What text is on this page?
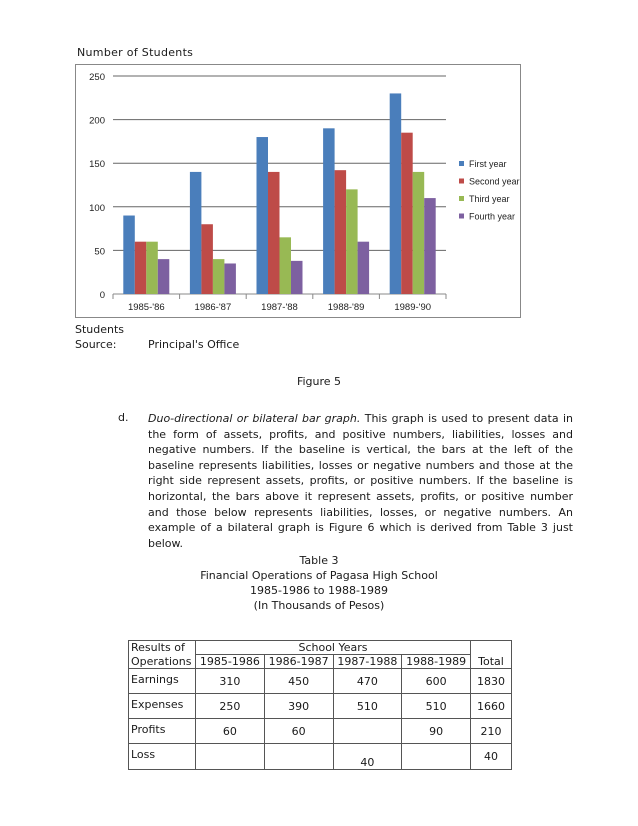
Number of Students
0
50
100
150
200
250
1985-'86	1986-'87	1987-'88	1988-'89	1989-'90
First year
Second year
Third year
Fourth year
Students
Source:	Principal's Office
Figure 5
d. Duo-directional or bilateral bar graph. This graph is used to present data in the form of assets, profits, and positive numbers, liabilities, losses and negative numbers. If the baseline is vertical, the bars at the left of the baseline represents liabilities, losses or negative numbers and those at the right side represent assets, profits, or positive numbers. If the baseline is horizontal, the bars above it represent assets, profits, or positive number and those below represents liabilities, losses, or negative numbers. An example of a bilateral graph is Figure 6 which is derived from Table 3 just below.
Table 3
Financial Operations of Pagasa High School
1985-1986 to 1988-1989
(In Thousands of Pesos)
Results of	School Years				Total
Operations	1985-1986	1986-1987	1987-1988	1988-1989	
Earnings	310	450	470	600	1830
Expenses	250	390	510	510	1660
Profits	60	60		90	210
Loss			40		40
